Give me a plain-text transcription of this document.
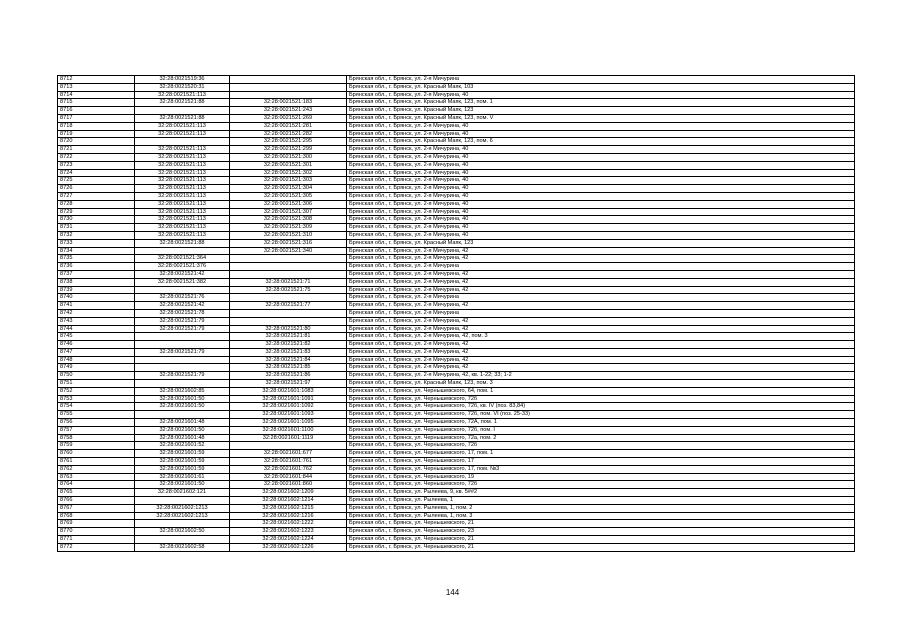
8712	32:28:0021519:36		Брянская обл., г. Брянск, ул. 2-я Мичурина
8713	32:28:0021520:31		Брянская обл., г. Брянск, ул. Красный Маяк, 103
8714	32:28:0021521:113		Брянская обл., г. Брянск, ул. 2-я Мичурина, 40
8715	32:28:0021521:88	32:28:0021521:183	Брянская обл., г. Брянск, ул. Красный Маяк, 123, пом. 1
8716		32:28:0021521:243	Брянская обл., г. Брянск, ул. Красный Маяк, 123
8717	32:28:0021521:88	32:28:0021521:269	Брянская обл., г. Брянск, ул. Красный Маяк, 123, пом. V
8718	32:28:0021521:113	32:28:0021521:281	Брянская обл., г. Брянск, ул. 2-я Мичурина, 40
8719	32:28:0021521:113	32:28:0021521:282	Брянская обл., г. Брянск, ул. 2-я Мичурина, 40
8720		32:28:0021521:295	Брянская обл., г. Брянск, ул. Красный Маяк, 123, пом. 6
8721	32:28:0021521:113	32:28:0021521:299	Брянская обл., г. Брянск, ул. 2-я Мичурина, 40
8722	32:28:0021521:113	32:28:0021521:300	Брянская обл., г. Брянск, ул. 2-я Мичурина, 40
8723	32:28:0021521:113	32:28:0021521:301	Брянская обл., г. Брянск, ул. 2-я Мичурина, 40
8724	32:28:0021521:113	32:28:0021521:302	Брянская обл., г. Брянск, ул. 2-я Мичурина, 40
8725	32:28:0021521:113	32:28:0021521:303	Брянская обл., г. Брянск, ул. 2-я Мичурина, 40
8726	32:28:0021521:113	32:28:0021521:304	Брянская обл., г. Брянск, ул. 2-я Мичурина, 40
8727	32:28:0021521:113	32:28:0021521:305	Брянская обл., г. Брянск, ул. 2-я Мичурина, 40
8728	32:28:0021521:113	32:28:0021521:306	Брянская обл., г. Брянск, ул. 2-я Мичурина, 40
8729	32:28:0021521:113	32:28:0021521:307	Брянская обл., г. Брянск, ул. 2-я Мичурина, 40
8730	32:28:0021521:113	32:28:0021521:308	Брянская обл., г. Брянск, ул. 2-я Мичурина, 40
8731	32:28:0021521:113	32:28:0021521:309	Брянская обл., г. Брянск, ул. 2-я Мичурина, 40
8732	32:28:0021521:113	32:28:0021521:310	Брянская обл., г. Брянск, ул. 2-я Мичурина, 40
8733	32:28:0021521:88	32:28:0021521:316	Брянская обл., г. Брянск, ул. Красный Маяк, 123
8734		32:28:0021521:340	Брянская обл., г. Брянск, ул. 2-я Мичурина, 42
8735	32:28:0021521:364		Брянская обл., г. Брянск, ул. 2-я Мичурина, 42
8736	32:28:0021521:376		Брянская обл., г. Брянск, ул. 2-я Мичурина
8737	32:28:0021521:42		Брянская обл., г. Брянск, ул. 2-я Мичурина, 42
8738	32:28:0021521:382	32:28:0021521:71	Брянская обл., г. Брянск, ул. 2-я Мичурина, 42
8739		32:28:0021521:75	Брянская обл., г. Брянск, ул. 2-я Мичурина, 42
8740	32:28:0021521:76		Брянская обл., г. Брянск, ул. 2-я Мичурина
8741	32:28:0021521:42	32:28:0021521:77	Брянская обл., г. Брянск, ул. 2-я Мичурина, 42
8742	32:28:0021521:78		Брянская обл., г. Брянск, ул. 2-я Мичурина
8743	32:28:0021521:79		Брянская обл., г. Брянск, ул. 2-я Мичурина, 42
8744	32:28:0021521:79	32:28:0021521:80	Брянская обл., г. Брянск, ул. 2-я Мичурина, 42
8745		32:28:0021521:81	Брянская обл., г. Брянск, ул. 2-я Мичурина, 42, пом. 3
8746		32:28:0021521:82	Брянская обл., г. Брянск, ул. 2-я Мичурина, 42
8747	32:28:0021521:79	32:28:0021521:83	Брянская обл., г. Брянск, ул. 2-я Мичурина, 42
8748		32:28:0021521:84	Брянская обл., г. Брянск, ул. 2-я Мичурина, 42
8749		32:28:0021521:85	Брянская обл., г. Брянск, ул. 2-я Мичурина, 42
8750	32:28:0021521:79	32:28:0021521:86	Брянская обл., г. Брянск, ул. 2-я Мичурина, 42, кв. 1-22; 33; 1-2
8751		32:28:0021521:97	Брянская обл., г. Брянск, ул. Красный Маяк, 123, пом. 3
8752	32:28:0021602:85	32:28:0021601:1083	Брянская обл., г. Брянск, ул. Чернышевского, 64, пом. 1
8753	32:28:0021601:50	32:28:0021601:1091	Брянская обл., г. Брянск, ул. Чернышевского, 72б
8754	32:28:0021601:50	32:28:0021601:1092	Брянская обл., г. Брянск, ул. Чернышевского, 72б, кв. IV (поз. 83,84)
8755		32:28:0021601:1093	Брянская обл., г. Брянск, ул. Чернышевского, 72б, пом. VI (поз. 25-33)
8756	32:28:0021601:48	32:28:0021601:1095	Брянская обл., г. Брянск, ул. Чернышевского, 72А, пом. 1
8757	32:28:0021601:50	32:28:0021601:1100	Брянская обл., г. Брянск, ул. Чернышевского, 72б, пом. I
8758	32:28:0021601:48	32:28:0021601:1119	Брянская обл., г. Брянск, ул. Чернышевского, 72а, пом. 2
8759	32:28:0021601:52		Брянская обл., г. Брянск, ул. Чернышевского, 72б
8760	32:28:0021601:59	32:28:0021601:677	Брянская обл., г. Брянск, ул. Чернышевского, 17, пом. 1
8761	32:28:0021601:59	32:28:0021601:761	Брянская обл., г. Брянск, ул. Чернышевского, 17
8762	32:28:0021601:59	32:28:0021601:762	Брянская обл., г. Брянск, ул. Чернышевского, 17, пом. №3
8763	32:28:0021601:61	32:28:0021601:844	Брянская обл., г. Брянск, ул. Чернышевского, 19
8764	32:28:0021601:50	32:28:0021601:860	Брянская обл., г. Брянск, ул. Чернышевского, 72б
8765	32:28:0021602:121	32:28:0021602:1209	Брянская обл., г. Брянск, ул. Рылеева, 9, кв. 5##2
8766		32:28:0021602:1214	Брянская обл., г. Брянск, ул. Рылеева, 1
8767	32:28:0021602:1213	32:28:0021602:1215	Брянская обл., г. Брянск, ул. Рылеева, 1, пом. 2
8768	32:28:0021602:1213	32:28:0021602:1216	Брянская обл., г. Брянск, ул. Рылеева, 1, пом. 3
8769		32:28:0021602:1222	Брянская обл., г. Брянск, ул. Чернышевского, 21
8770	32:28:0021602:50	32:28:0021602:1223	Брянская обл., г. Брянск, ул. Чернышевского, 23
8771		32:28:0021602:1224	Брянская обл., г. Брянск, ул. Чернышевского, 21
8772	32:28:0021602:58	32:28:0021602:1226	Брянская обл., г. Брянск, ул. Чернышевского, 21
144
